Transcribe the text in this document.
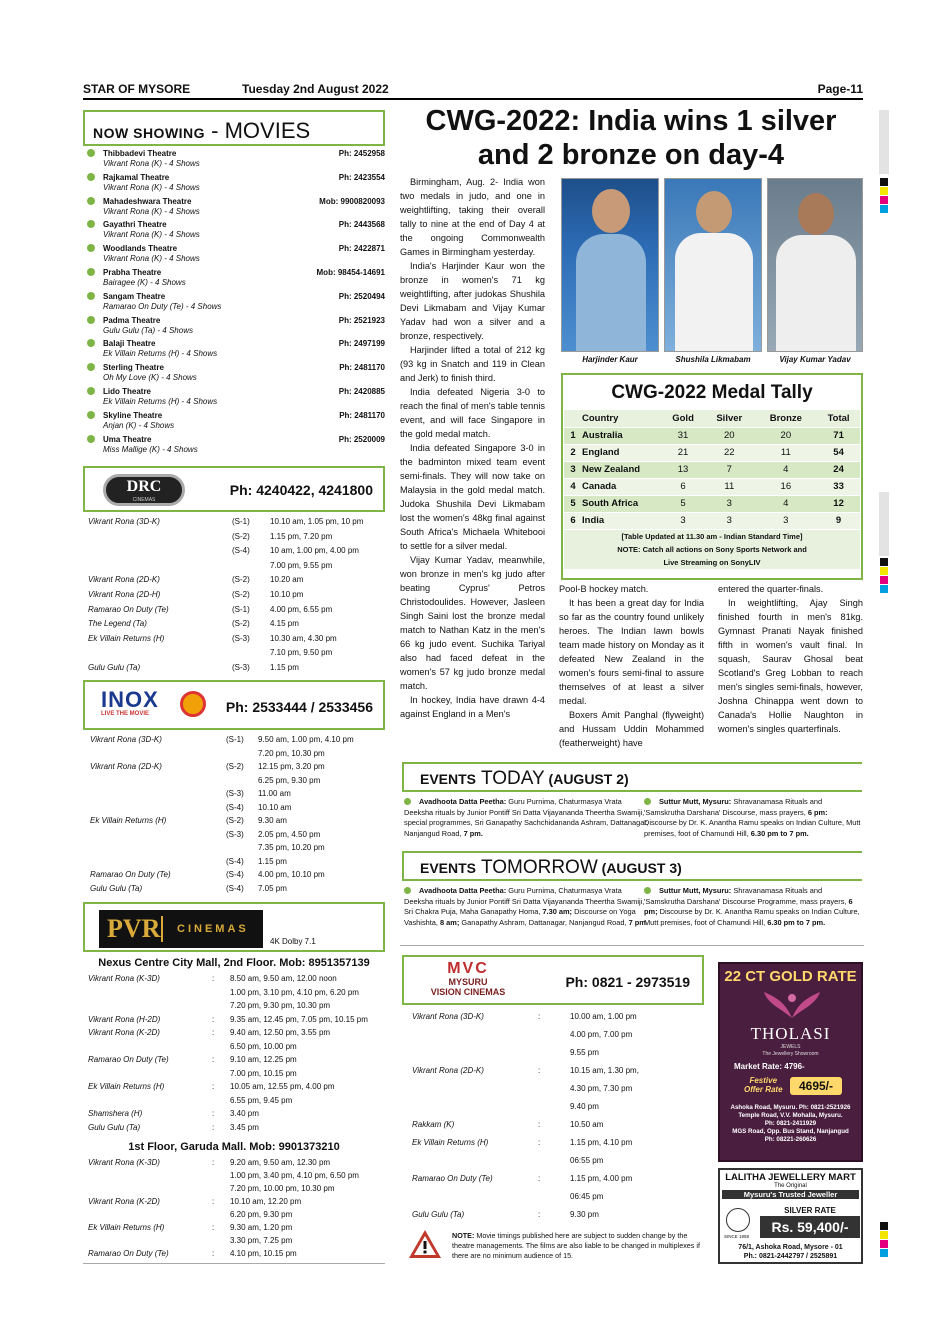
STAR OF MYSORE	Tuesday 2nd August 2022	Page-11
NOW SHOWING - MOVIES
Thibbadevi Theatre	Ph: 2452958
Vikrant Rona (K) - 4 Shows
Rajkamal Theatre	Ph: 2423554
Vikrant Rona (K) - 4 Shows
Mahadeshwara Theatre	Mob: 9900820093
Vikrant Rona (K) - 4 Shows
Gayathri Theatre	Ph: 2443568
Vikrant Rona (K) - 4 Shows
Woodlands Theatre	Ph: 2422871
Vikrant Rona (K) - 4 Shows
Prabha Theatre	Mob: 98454-14691
Bairagee (K) - 4 Shows
Sangam Theatre	Ph: 2520494
Ramarao On Duty (Te) - 4 Shows
Padma Theatre	Ph: 2521923
Gulu Gulu (Ta) - 4 Shows
Balaji Theatre	Ph: 2497199
Ek Villain Returns (H) - 4 Shows
Sterling Theatre	Ph: 2481170
Oh My Love (K) - 4 Shows
Lido Theatre	Ph: 2420885
Ek Villain Returns (H) - 4 Shows
Skyline Theatre	Ph: 2481170
Anjan (K) - 4 Shows
Uma Theatre	Ph: 2520009
Miss Mallige (K) - 4 Shows
DRC
CINEMAS
Ph: 4240422, 4241800
Vikrant Rona (3D-K)	(S-1)	10.10 am, 1.05 pm, 10 pm
(S-2)	1.15 pm, 7.20 pm
(S-4)	10 am, 1.00 pm, 4.00 pm
7.00 pm, 9.55 pm
Vikrant Rona (2D-K)	(S-2)	10.20 am
Vikrant Rona (2D-H)	(S-2)	10.10 pm
Ramarao On Duty (Te)	(S-1)	4.00 pm, 6.55 pm
The Legend (Ta)	(S-2)	4.15 pm
Ek Villain Returns (H)	(S-3)	10.30 am, 4.30 pm
7.10 pm, 9.50 pm
Gulu Gulu (Ta)	(S-3)	1.15 pm
INOX
LIVE THE MOVIE	Ph: 2533444 / 2533456
Vikrant Rona (3D-K)	(S-1) 9.50 am, 1.00 pm, 4.10 pm
7.20 pm, 10.30 pm
Vikrant Rona (2D-K)	(S-2) 12.15 pm, 3.20 pm
6.25 pm, 9.30 pm
(S-3) 11.00 am
(S-4) 10.10 am
Ek Villain Returns (H)	(S-2) 9.30 am
(S-3) 2.05 pm, 4.50 pm
7.35 pm, 10.20 pm
(S-4) 1.15 pm
Ramarao On Duty (Te)	(S-4) 4.00 pm, 10.10 pm
Gulu Gulu (Ta)	(S-4) 7.05 pm
PVR CINEMAS
4K Dolby 7.1
Nexus Centre City Mall, 2nd Floor. Mob: 8951357139
Vikrant Rona (K-3D)	: 8.50 am, 9.50 am, 12.00 noon
1.00 pm, 3.10 pm, 4.10 pm, 6.20 pm
7.20 pm, 9.30 pm, 10.30 pm
Vikrant Rona (H-2D)	: 9.35 am, 12.45 pm, 7.05 pm, 10.15 pm
Vikrant Rona (K-2D)	: 9.40 am, 12.50 pm, 3.55 pm
6.50 pm, 10.00 pm
Ramarao On Duty (Te)	: 9.10 am, 12.25 pm
7.00 pm, 10.15 pm
Ek Villain Returns (H)	: 10.05 am, 12.55 pm, 4.00 pm
6.55 pm, 9.45 pm
Shamshera (H)	: 3.40 pm
Gulu Gulu (Ta)	: 3.45 pm
1st Floor, Garuda Mall. Mob: 9901373210
Vikrant Rona (K-3D)	: 9.20 am, 9.50 am, 12.30 pm
1.00 pm, 3.40 pm, 4.10 pm, 6.50 pm
7.20 pm, 10.00 pm, 10.30 pm
Vikrant Rona (K-2D)	: 10.10 am, 12.20 pm
6.20 pm, 9.30 pm
Ek Villain Returns (H)	: 9.30 am, 1.20 pm
3.30 pm, 7.25 pm
Ramarao On Duty (Te)	: 4.10 pm, 10.15 pm
CWG-2022: India wins 1 silver
and 2 bronze on day-4

Birmingham, Aug. 2- India won two medals in judo, and one in weightlifting, taking their overall tally to nine at the end of Day 4 at the ongoing Commonwealth Games in Birmingham yesterday.

India's Harjinder Kaur won the bronze in women's 71 kg weightlifting, after judokas Shushila Devi Likmabam and Vijay Kumar Yadav had won a silver and a bronze, respectively.

Harjinder lifted a total of 212 kg (93 kg in Snatch and 119 in Clean and Jerk) to finish third.

India defeated Nigeria 3-0 to reach the final of men's table tennis event, and will face Singapore in the gold medal match.

India defeated Singapore 3-0 in the badminton mixed team event semi-finals. They will now take on Malaysia in the gold medal match. Judoka Shushila Devi Likmabam lost the women's 48kg final against South Africa's Michaela Whitebooi to settle for a silver medal.

Vijay Kumar Yadav, meanwhile, won bronze in men's kg judo after beating Cyprus' Petros Christodoulides. However, Jasleen Singh Saini lost the bronze medal match to Nathan Katz in the men's 66 kg judo event. Suchika Tariyal also had faced defeat in the women's 57 kg judo bronze medal match.

In hockey, India have drawn 4-4 against England in a Men's

Harjinder Kaur	Shushila Likmabam	Vijay Kumar Yadav
CWG-2022 Medal Tally
	Country	Gold	Silver	Bronze	Total
1	Australia	31	20	20	71
2	England	21	22	11	54
3	New Zealand	13	7	4	24
4	Canada	6	11	16	33
5	South Africa	5	3	4	12
6	India	3	3	3	9
[Table Updated at 11.30 am - Indian Standard Time]
NOTE: Catch all actions on Sony Sports Network and
Live Streaming on SonyLIV

Pool-B hockey match.

It has been a great day for India so far as the country found unlikely heroes. The Indian lawn bowls team made history on Monday as it defeated New Zealand in the women's fours semi-final to assure themselves of at least a silver medal.

Boxers Amit Panghal (flyweight) and Hussam Uddin Mohammed (featherweight) have

entered the quarter-finals.

In weightlifting, Ajay Singh finished fourth in men's 81kg. Gymnast Pranati Nayak finished fifth in women's vault final. In squash, Saurav Ghosal beat Scotland's Greg Lobban to reach men's singles semi-finals, however, Joshna Chinappa went down to Canada's Hollie Naughton in women's singles quarterfinals.

EVENTS TODAY (AUGUST 2)
Avadhoota Datta Peetha: Guru Purnima, Chaturmasya Vrata Deeksha rituals by Junior Pontiff Sri Datta Vijayananda Theertha Swamiji, special programmes, Sri Ganapathy Sachchidananda Ashram, Dattanagar, Nanjangud Road, 7 pm.
Suttur Mutt, Mysuru: Shravanamasa Rituals and 'Samskrutha Darshana' Discourse, mass prayers, 6 pm: Discourse by Dr. K. Anantha Ramu speaks on Indian Culture, Mutt premises, foot of Chamundi Hill, 6.30 pm to 7 pm.
EVENTS TOMORROW (AUGUST 3)
Avadhoota Datta Peetha: Guru Purnima, Chaturmasya Vrata Deeksha rituals by Junior Pontiff Sri Datta Vijayananda Theertha Swamiji, Sri Chakra Puja, Maha Ganapathy Homa, 7.30 am; Discourse on Yoga Vashishta, 8 am; Ganapathy Ashram, Dattanagar, Nanjangud Road, 7 pm.
Suttur Mutt, Mysuru: Shravanamasa Rituals and 'Samskrutha Darshana' Discourse Programme, mass prayers, 6 pm; Discourse by Dr. K. Anantha Ramu speaks on Indian Culture, Mutt premises, foot of Chamundi Hill, 6.30 pm to 7 pm.
MVC
MYSURU
VISION CINEMAS
Ph: 0821 - 2973519
Vikrant Rona (3D-K)	:	10.00 am, 1.00 pm
4.00 pm, 7.00 pm
9.55 pm
Vikrant Rona (2D-K)	:	10.15 am, 1.30 pm,
4.30 pm, 7.30 pm
9.40 pm
Rakkam (K)	:	10.50 am
Ek Villain Returns (H)	:	1.15 pm, 4.10 pm
06:55 pm
Ramarao On Duty (Te)	:	1.15 pm, 4.00 pm
06:45 pm
Gulu Gulu (Ta)	:	9.30 pm
NOTE: Movie timings published here are subject to sudden change by the theatre managements. The films are also liable to be changed in multiplexes if there are no minimum audience of 15.
22 CT GOLD RATE
THOLASI
JEWELS
The Jewellery Showroom
Market Rate: 4796-
Festive
Offer Rate	4695/-
Ashoka Road, Mysuru. Ph: 0821-2521926
Temple Road, V.V. Mohalla, Mysuru.
Ph: 0821-2411929
MGS Road, Opp. Bus Stand, Nanjangud
Ph: 08221-260626
LALITHA JEWELLERY MART
The Original
Mysuru's Trusted Jeweller
SINCE 1958
SILVER RATE
Rs. 59,400/-
76/1, Ashoka Road, Mysore - 01
Ph.: 0821-2442797 / 2525891
